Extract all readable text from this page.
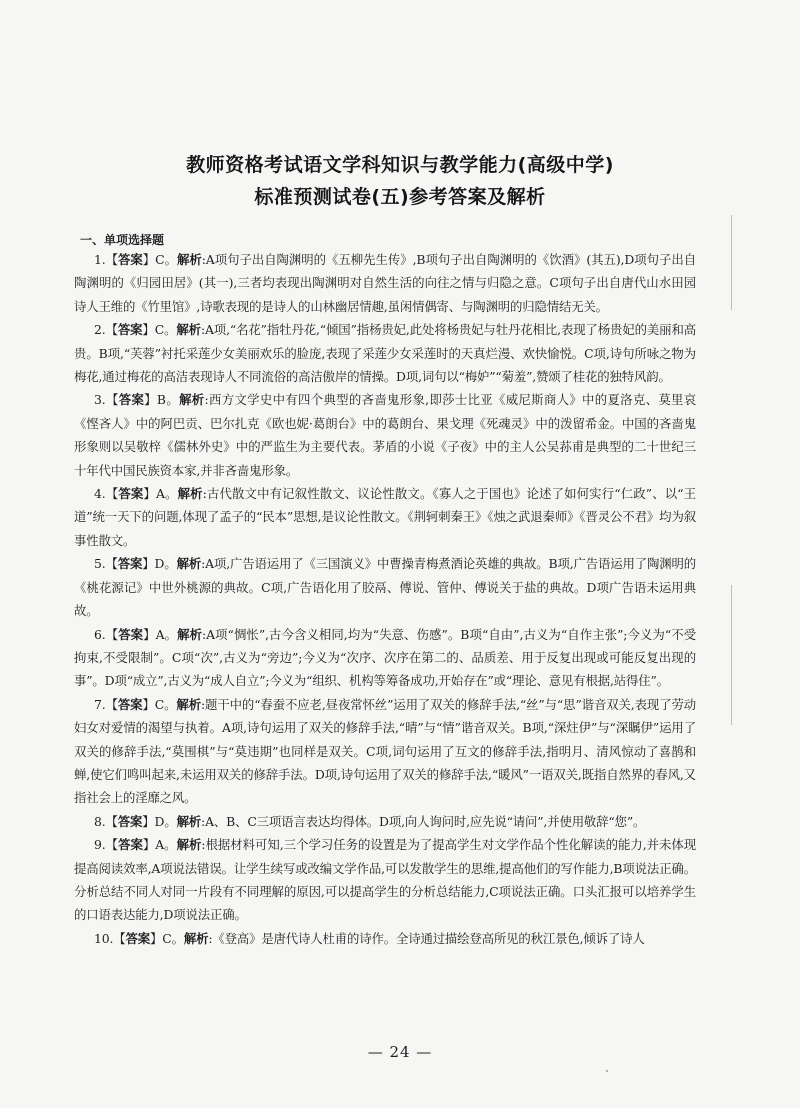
教师资格考试语文学科知识与教学能力(高级中学)
标准预测试卷(五)参考答案及解析
一、单项选择题

1.【答案】C。解析:A项句子出自陶渊明的《五柳先生传》,B项句子出自陶渊明的《饮酒》(其五),D项句子出自陶渊明的《归园田居》(其一),三者均表现出陶渊明对自然生活的向往之情与归隐之意。C项句子出自唐代山水田园诗人王维的《竹里馆》,诗歌表现的是诗人的山林幽居情趣,虽闲情偶寄、与陶渊明的归隐情结无关。

2.【答案】C。解析:A项,“名花”指牡丹花,“倾国”指杨贵妃,此处将杨贵妃与牡丹花相比,表现了杨贵妃的美丽和高贵。B项,“芙蓉”衬托采莲少女美丽欢乐的脸庞,表现了采莲少女采莲时的天真烂漫、欢快愉悦。C项,诗句所咏之物为梅花,通过梅花的高洁表现诗人不同流俗的高洁傲岸的情操。D项,词句以“梅妒”“菊羞”,赞颂了桂花的独特风韵。

3.【答案】B。解析:西方文学史中有四个典型的吝啬鬼形象,即莎士比亚《威尼斯商人》中的夏洛克、莫里哀《悭吝人》中的阿巴贡、巴尔扎克《欧也妮·葛朗台》中的葛朗台、果戈理《死魂灵》中的泼留希金。中国的吝啬鬼形象则以吴敬梓《儒林外史》中的严监生为主要代表。茅盾的小说《子夜》中的主人公吴荪甫是典型的二十世纪三十年代中国民族资本家,并非吝啬鬼形象。

4.【答案】A。解析:古代散文中有记叙性散文、议论性散文。《寡人之于国也》论述了如何实行“仁政”、以“王道”统一天下的问题,体现了孟子的“民本”思想,是议论性散文。《荆轲刺秦王》《烛之武退秦师》《晋灵公不君》均为叙事性散文。

5.【答案】D。解析:A项,广告语运用了《三国演义》中曹操青梅煮酒论英雄的典故。B项,广告语运用了陶渊明的《桃花源记》中世外桃源的典故。C项,广告语化用了胶鬲、傅说、管仲、傅说关于盐的典故。D项广告语未运用典故。

6.【答案】A。解析:A项“惆怅”,古今含义相同,均为“失意、伤感”。B项“自由”,古义为“自作主张”;今义为“不受拘束,不受限制”。C项“次”,古义为“旁边”;今义为“次序、次序在第二的、品质差、用于反复出现或可能反复出现的事”。D项“成立”,古义为“成人自立”;今义为“组织、机构等筹备成功,开始存在”或“理论、意见有根据,站得住”。

7.【答案】C。解析:题干中的“春蚕不应老,昼夜常怀丝”运用了双关的修辞手法,“丝”与“思”谐音双关,表现了劳动妇女对爱情的渴望与执着。A项,诗句运用了双关的修辞手法,“晴”与“情”谐音双关。B项,“深炷伊”与“深瞩伊”运用了双关的修辞手法,“莫围棋”与“莫违期”也同样是双关。C项,词句运用了互文的修辞手法,指明月、清风惊动了喜鹊和蝉,使它们鸣叫起来,未运用双关的修辞手法。D项,诗句运用了双关的修辞手法,“暖风”一语双关,既指自然界的春风,又指社会上的淫靡之风。

8.【答案】D。解析:A、B、C三项语言表达均得体。D项,向人询问时,应先说“请问”,并使用敬辞“您”。

9.【答案】A。解析:根据材料可知,三个学习任务的设置是为了提高学生对文学作品个性化解读的能力,并未体现提高阅读效率,A项说法错误。让学生续写或改编文学作品,可以发散学生的思维,提高他们的写作能力,B项说法正确。分析总结不同人对同一片段有不同理解的原因,可以提高学生的分析总结能力,C项说法正确。口头汇报可以培养学生的口语表达能力,D项说法正确。

10.【答案】C。解析:《登高》是唐代诗人杜甫的诗作。全诗通过描绘登高所见的秋江景色,倾诉了诗人

— 24 —
